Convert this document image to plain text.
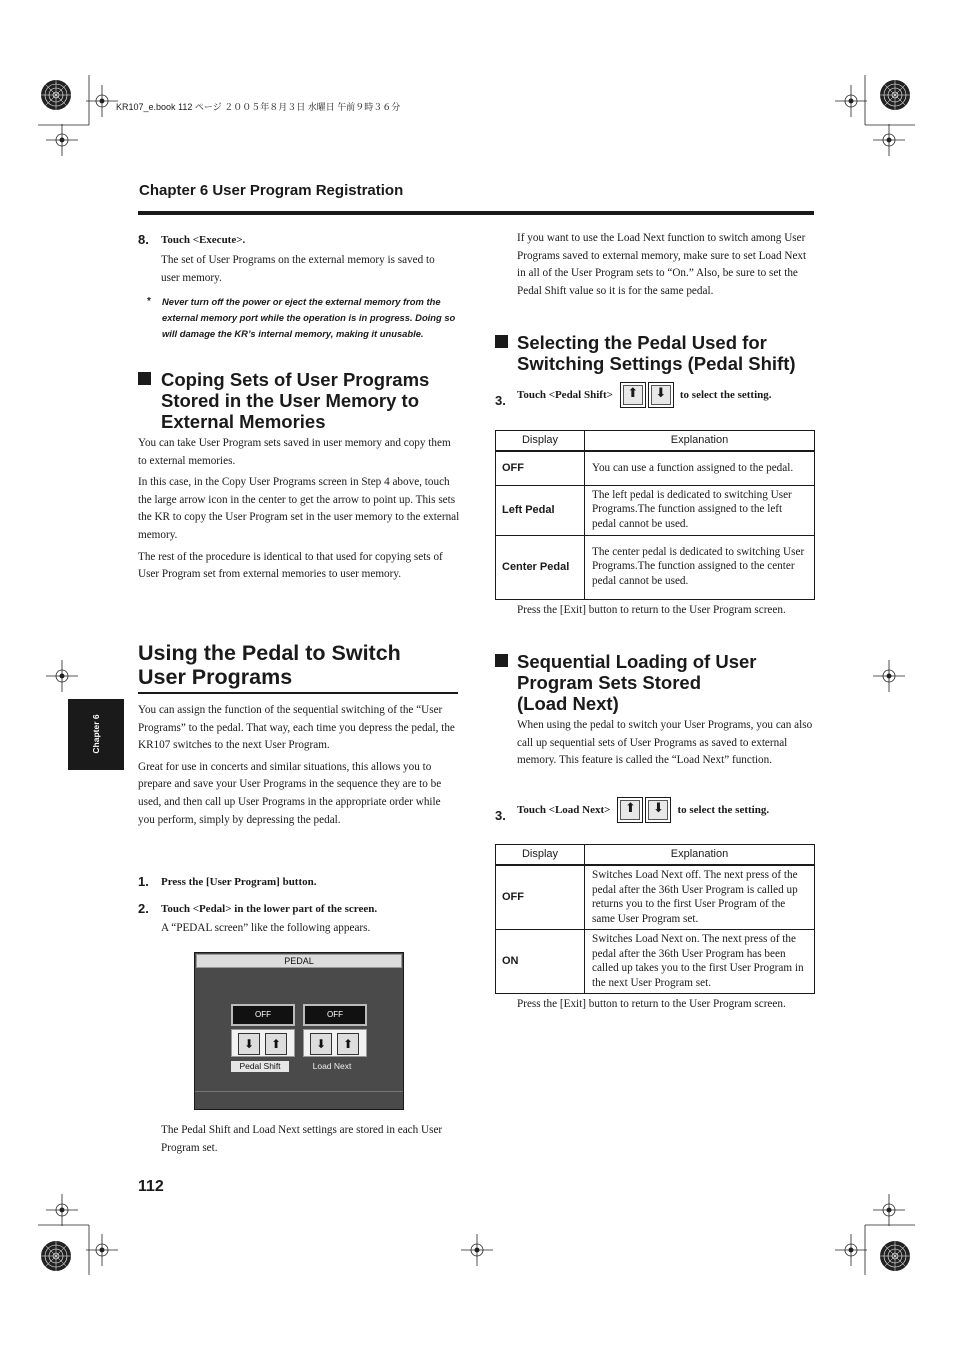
KR107_e.book 112 ページ ２００５年８月３日 水曜日 午前９時３６分
Chapter 6 User Program Registration
Chapter 6
8. Touch <Execute>.
The set of User Programs on the external memory is saved to user memory.
* Never turn off the power or eject the external memory from the external memory port while the operation is in progress. Doing so will damage the KR’s internal memory, making it unusable.
Coping Sets of User Programs Stored in the User Memory to External Memories

You can take User Program sets saved in user memory and copy them to external memories.

In this case, in the Copy User Programs screen in Step 4 above, touch the large arrow icon in the center to get the arrow to point up. This sets the KR to copy the User Program set in the user memory to the external memory.

The rest of the procedure is identical to that used for copying sets of User Program set from external memories to user memory.

Using the Pedal to Switch User Programs

You can assign the function of the sequential switching of the “User Programs” to the pedal. That way, each time you depress the pedal, the KR107 switches to the next User Program.

Great for use in concerts and similar situations, this allows you to prepare and save your User Programs in the sequence they are to be used, and then call up User Programs in the appropriate order while you perform, simply by depressing the pedal.

1. Press the [User Program] button.
2. Touch <Pedal> in the lower part of the screen.
A “PEDAL screen” like the following appears.
PEDAL
OFF
⬇	⬆
Pedal Shift
OFF
⬇	⬆
Load Next
The Pedal Shift and Load Next settings are stored in each User Program set.
112
If you want to use the Load Next function to switch among User Programs saved to external memory, make sure to set Load Next in all of the User Program sets to “On.” Also, be sure to set the Pedal Shift value so it is for the same pedal.
Selecting the Pedal Used for Switching Settings (Pedal Shift)
3. Touch <Pedal Shift>	⬆	⬇	to select the setting.
Display	Explanation
OFF	You can use a function assigned to the pedal.
Left Pedal	The left pedal is dedicated to switching User Programs.The function assigned to the left pedal cannot be used.
Center Pedal	The center pedal is dedicated to switching User Programs.The function assigned to the center pedal cannot be used.
Press the [Exit] button to return to the User Program screen.
Sequential Loading of User
Program Sets Stored
(Load Next)
When using the pedal to switch your User Programs, you can also call up sequential sets of User Programs as saved to external memory. This feature is called the “Load Next” function.
3. Touch <Load Next>	⬆	⬇	to select the setting.
Display	Explanation
OFF	Switches Load Next off. The next press of the pedal after the 36th User Program is called up returns you to the first User Program of the same User Program set.
ON	Switches Load Next on. The next press of the pedal after the 36th User Program has been called up takes you to the first User Program in the next User Program set.
Press the [Exit] button to return to the User Program screen.
